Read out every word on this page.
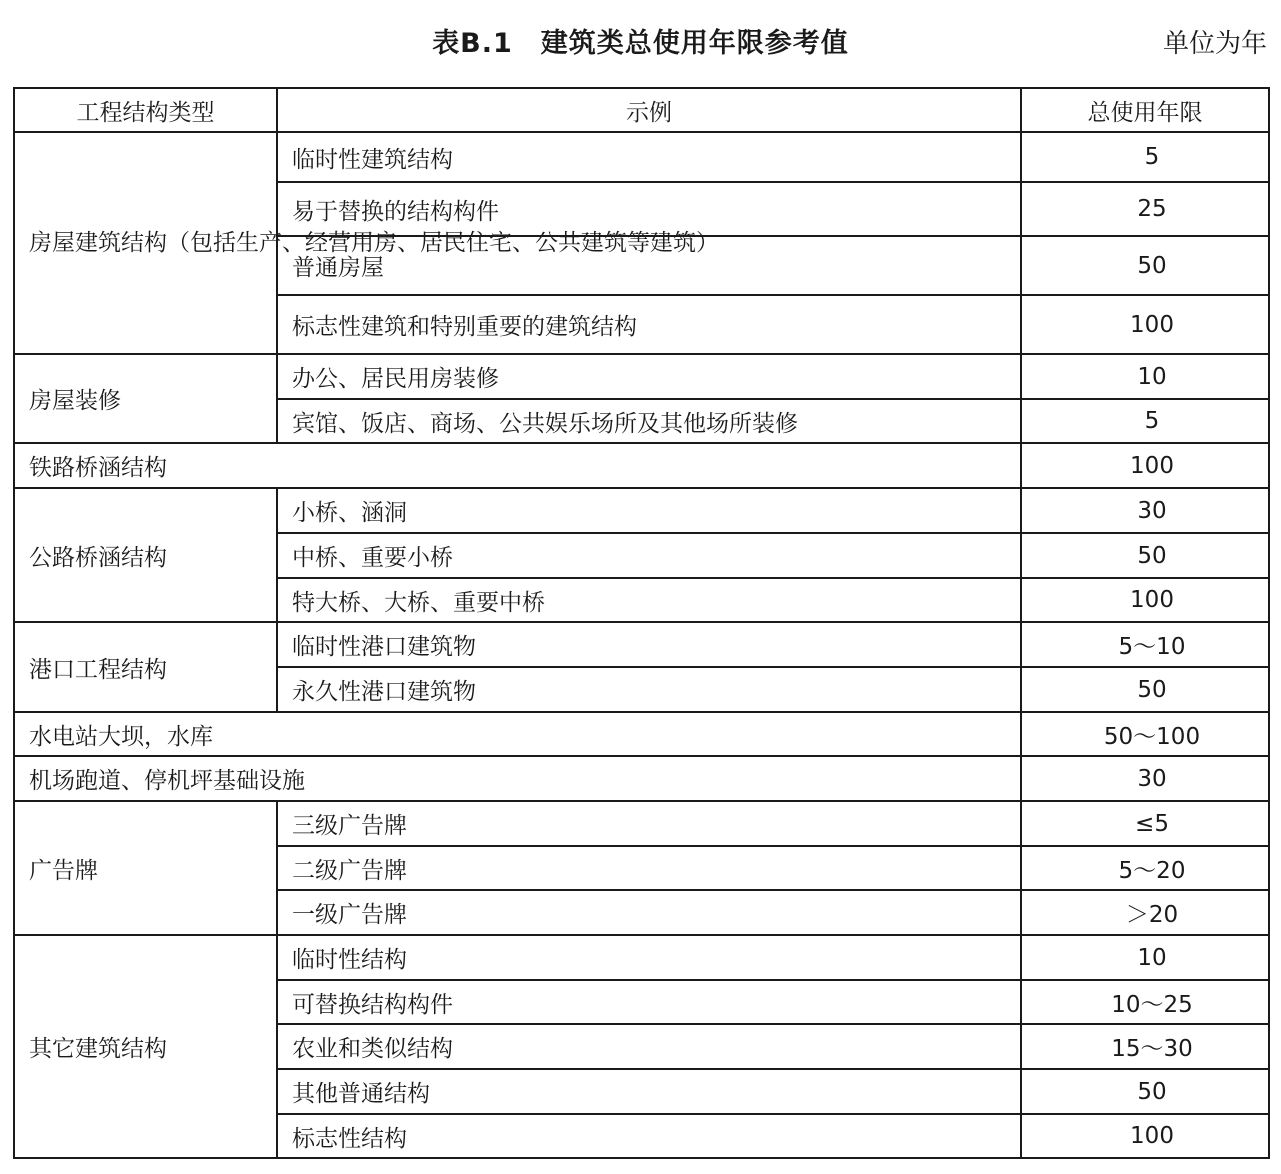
表B.1　建筑类总使用年限参考值	单位为年
工程结构类型	示例	总使用年限
房屋建筑结构（包括生产、经营用房、居民住宅、公共建筑等建筑）	临时性建筑结构	5
	易于替换的结构构件	25
	普通房屋	50
	标志性建筑和特别重要的建筑结构	100
房屋装修	办公、居民用房装修	10
	宾馆、饭店、商场、公共娱乐场所及其他场所装修	5
铁路桥涵结构		100
公路桥涵结构	小桥、涵洞	30
	中桥、重要小桥	50
	特大桥、大桥、重要中桥	100
港口工程结构	临时性港口建筑物	5～10
	永久性港口建筑物	50
水电站大坝，水库		50～100
机场跑道、停机坪基础设施		30
广告牌	三级广告牌	≤5
	二级广告牌	5～20
	一级广告牌	＞20
其它建筑结构	临时性结构	10
	可替换结构构件	10～25
	农业和类似结构	15～30
	其他普通结构	50
	标志性结构	100
